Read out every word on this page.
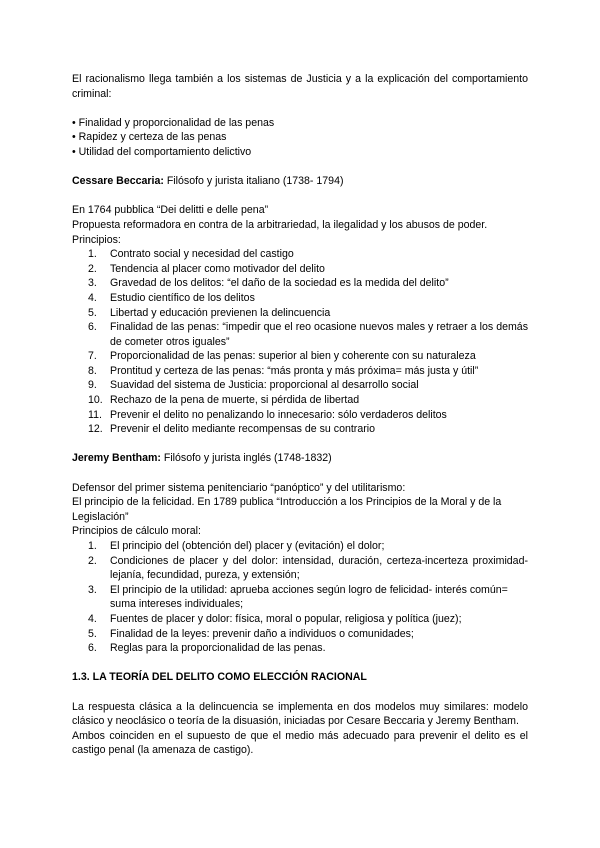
El racionalismo llega también a los sistemas de Justicia y a la explicación del comportamiento criminal:

• Finalidad y proporcionalidad de las penas

• Rapidez y certeza de las penas

• Utilidad del comportamiento delictivo

Cessare Beccaria: Filósofo y jurista italiano (1738- 1794)

En 1764 pubblica “Dei delitti e delle pena”

Propuesta reformadora en contra de la arbitrariedad, la ilegalidad y los abusos de poder.

Principios:

1. Contrato social y necesidad del castigo
2. Tendencia al placer como motivador del delito
3. Gravedad de los delitos: “el daño de la sociedad es la medida del delito”
4. Estudio científico de los delitos
5. Libertad y educación previenen la delincuencia
6. Finalidad de las penas: “impedir que el reo ocasione nuevos males y retraer a los demás de cometer otros iguales”
7. Proporcionalidad de las penas: superior al bien y coherente con su naturaleza
8. Prontitud y certeza de las penas: “más pronta y más próxima= más justa y útil”
9. Suavidad del sistema de Justicia: proporcional al desarrollo social
10. Rechazo de la pena de muerte, si pérdida de libertad
11. Prevenir el delito no penalizando lo innecesario: sólo verdaderos delitos
12. Prevenir el delito mediante recompensas de su contrario

Jeremy Bentham: Filósofo y jurista inglés (1748-1832)

Defensor del primer sistema penitenciario “panóptico” y del utilitarismo:

El principio de la felicidad. En 1789 publica “Introducción a los Principios de la Moral y de la Legislación”

Principios de cálculo moral:

1. El principio del (obtención del) placer y (evitación) el dolor;
2. Condiciones de placer y del dolor: intensidad, duración, certeza-incerteza proximidad-lejanía, fecundidad, pureza, y extensión;
3. El principio de la utilidad: aprueba acciones según logro de felicidad- interés común= suma intereses individuales;
4. Fuentes de placer y dolor: física, moral o popular, religiosa y política (juez);
5. Finalidad de la leyes: prevenir daño a individuos o comunidades;
6. Reglas para la proporcionalidad de las penas.

1.3. LA TEORÍA DEL DELITO COMO ELECCIÓN RACIONAL

La respuesta clásica a la delincuencia se implementa en dos modelos muy similares: modelo clásico y neoclásico o teoría de la disuasión, iniciadas por Cesare Beccaria y Jeremy Bentham.

Ambos coinciden en el supuesto de que el medio más adecuado para prevenir el delito es el castigo penal (la amenaza de castigo).
